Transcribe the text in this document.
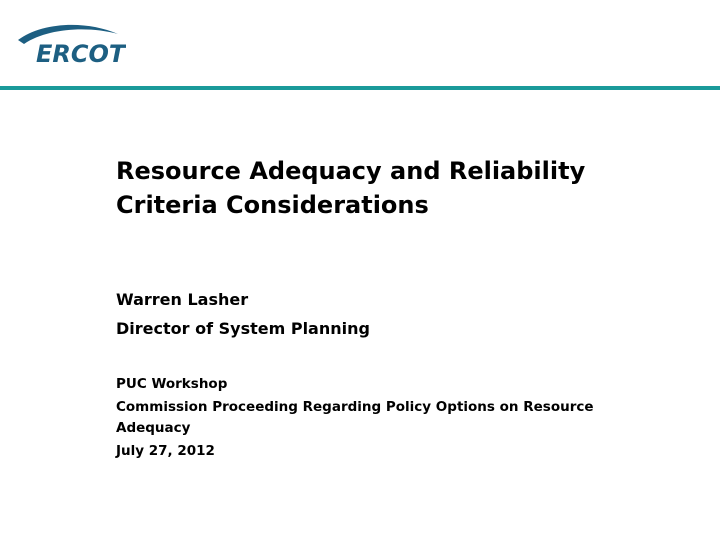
ERCOT
Resource Adequacy and Reliability
Criteria Considerations
Warren Lasher
Director of System Planning
PUC Workshop
Commission Proceeding Regarding Policy Options on Resource Adequacy
July 27, 2012
